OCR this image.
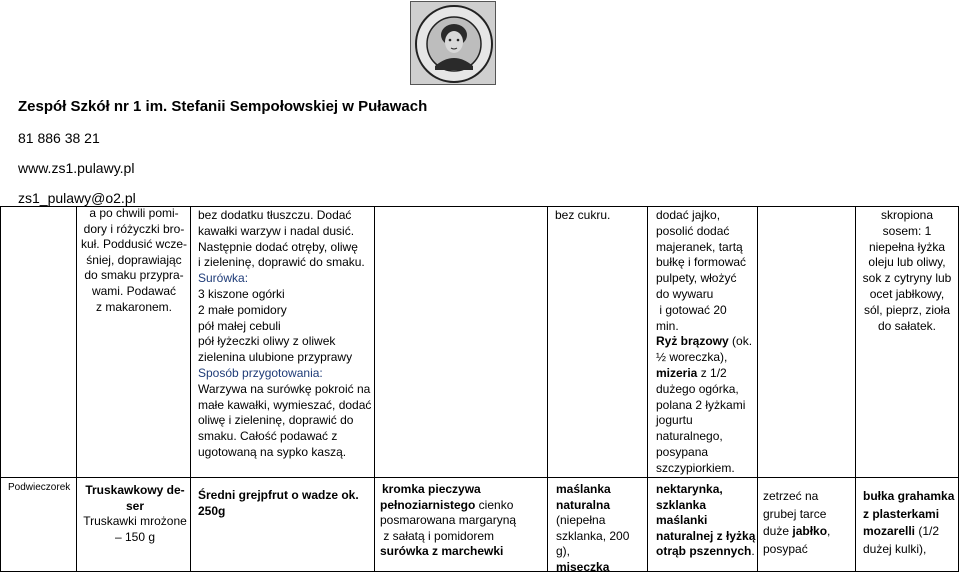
Zespół Szkół nr 1 im. Stefanii Sempołowskiej w Puławach
81 886 38 21
www.zs1.pulawy.pl
zs1_pulawy@o2.pl

a po chwili pomi-

dory i różyczki bro-

kuł. Poddusić wcze-

śniej, doprawiając

do smaku przypra-

wami. Podawać

z makaronem.

bez dodatku tłuszczu. Dodać

kawałki warzyw i nadal dusić.

Następnie dodać otręby, oliwę

i zieleninę, doprawić do smaku.

Surówka:

3 kiszone ogórki

2 małe pomidory

pół małej cebuli

pół łyżeczki oliwy z oliwek

zielenina ulubione przyprawy

Sposób przygotowania:

Warzywa na surówkę pokroić na

małe kawałki, wymieszać, dodać

oliwę i zieleninę, doprawić do

smaku. Całość podawać z

ugotowaną na sypko kaszą.

bez cukru.	dodać jajko,

posolić dodać

majeranek, tartą

bułkę i formować

pulpety, włożyć

do wywaru

i gotować 20

min.

Ryż brązowy (ok.

½ woreczka),

mizeria z 1/2

dużego ogórka,

polana 2 łyżkami

jogurtu

naturalnego,

posypana

szczypiorkiem.

skropiona

sosem: 1

niepełna łyżka

oleju lub oliwy,

sok z cytryny lub

ocet jabłkowy,

sól, pieprz, zioła

do sałatek.

Podwieczorek	Truskawkowy de-

ser

Truskawki mrożone

– 150 g

Średni grejpfrut o wadze ok.

250g

kromka pieczywa

pełnoziarnistego cienko

posmarowana margaryną

z sałatą i pomidorem

surówka z marchewki

maślanka

naturalna

(niepełna

szklanka, 200 g),

miseczka

nektarynka,

szklanka

maślanki

naturalnej z łyżką

otrąb pszennych.

zetrzeć na

grubej tarce

duże jabłko,

posypać

bułka grahamka

z plasterkami

mozarelli (1/2

dużej kulki),
